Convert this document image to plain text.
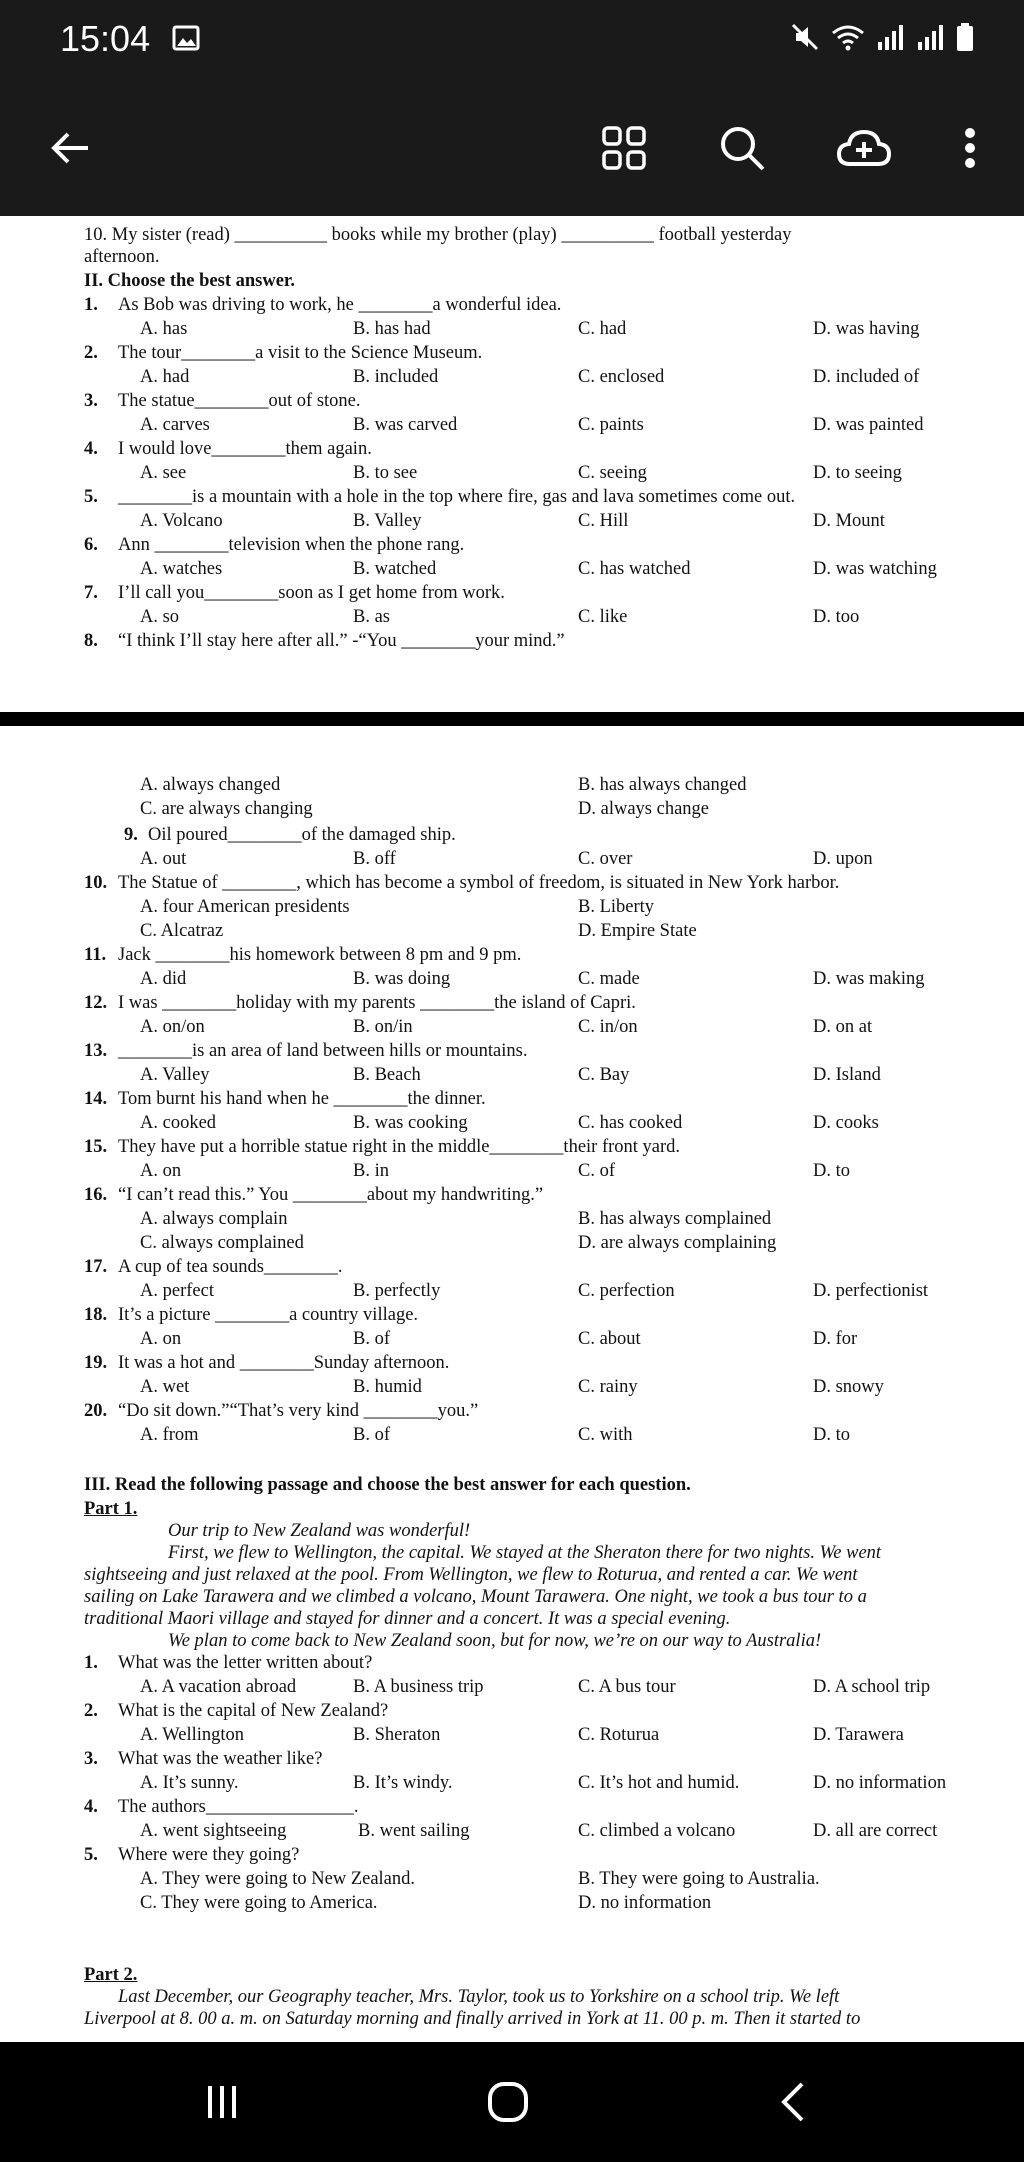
15:04
10. My sister (read) __________ books while my brother (play) __________ football yesterday
afternoon.
II. Choose the best answer.
1. As Bob was driving to work, he ________a wonderful idea.
A. has	B. has had	C. had	D. was having
2. The tour________a visit to the Science Museum.
A. had	B. included	C. enclosed	D. included of
3. The statue________out of stone.
A. carves	B. was carved	C. paints	D. was painted
4. I would love________them again.
A. see	B. to see	C. seeing	D. to seeing
5. ________is a mountain with a hole in the top where fire, gas and lava sometimes come out.
A. Volcano	B. Valley	C. Hill	D. Mount
6. Ann ________television when the phone rang.
A. watches	B. watched	C. has watched	D. was watching
7. I’ll call you________soon as I get home from work.
A. so	B. as	C. like	D. too
8. “I think I’ll stay here after all.” -“You ________your mind.”
A. always changed	B. has always changed
C. are always changing	D. always change
9. Oil poured________of the damaged ship.
A. out	B. off	C. over	D. upon
10. The Statue of ________, which has become a symbol of freedom, is situated in New York harbor.
A. four American presidents	B. Liberty
C. Alcatraz	D. Empire State
11. Jack ________his homework between 8 pm and 9 pm.
A. did	B. was doing	C. made	D. was making
12. I was ________holiday with my parents ________the island of Capri.
A. on/on	B. on/in	C. in/on	D. on at
13. ________is an area of land between hills or mountains.
A. Valley	B. Beach	C. Bay	D. Island
14. Tom burnt his hand when he ________the dinner.
A. cooked	B. was cooking	C. has cooked	D. cooks
15. They have put a horrible statue right in the middle________their front yard.
A. on	B. in	C. of	D. to
16. “I can’t read this.” You ________about my handwriting.”
A. always complain	B. has always complained
C. always complained	D. are always complaining
17. A cup of tea sounds________.
A. perfect	B. perfectly	C. perfection	D. perfectionist
18. It’s a picture ________a country village.
A. on	B. of	C. about	D. for
19. It was a hot and ________Sunday afternoon.
A. wet	B. humid	C. rainy	D. snowy
20. “Do sit down.”“That’s very kind ________you.”
A. from	B. of	C. with	D. to
III. Read the following passage and choose the best answer for each question.
Part 1.
Our trip to New Zealand was wonderful!
First, we flew to Wellington, the capital. We stayed at the Sheraton there for two nights. We went
sightseeing and just relaxed at the pool. From Wellington, we flew to Roturua, and rented a car. We went
sailing on Lake Tarawera and we climbed a volcano, Mount Tarawera. One night, we took a bus tour to a
traditional Maori village and stayed for dinner and a concert. It was a special evening.
We plan to come back to New Zealand soon, but for now, we’re on our way to Australia!
1. What was the letter written about?
A. A vacation abroad	B. A business trip	C. A bus tour	D. A school trip
2. What is the capital of New Zealand?
A. Wellington	B. Sheraton	C. Roturua	D. Tarawera
3. What was the weather like?
A. It’s sunny.	B. It’s windy.	C. It’s hot and humid.	D. no information
4. The authors________________.
A. went sightseeing	B. went sailing	C. climbed a volcano	D. all are correct
5. Where were they going?
A. They were going to New Zealand.	B. They were going to Australia.
C. They were going to America.	D. no information
Part 2.
Last December, our Geography teacher, Mrs. Taylor, took us to Yorkshire on a school trip. We left
Liverpool at 8. 00 a. m. on Saturday morning and finally arrived in York at 11. 00 p. m. Then it started to
